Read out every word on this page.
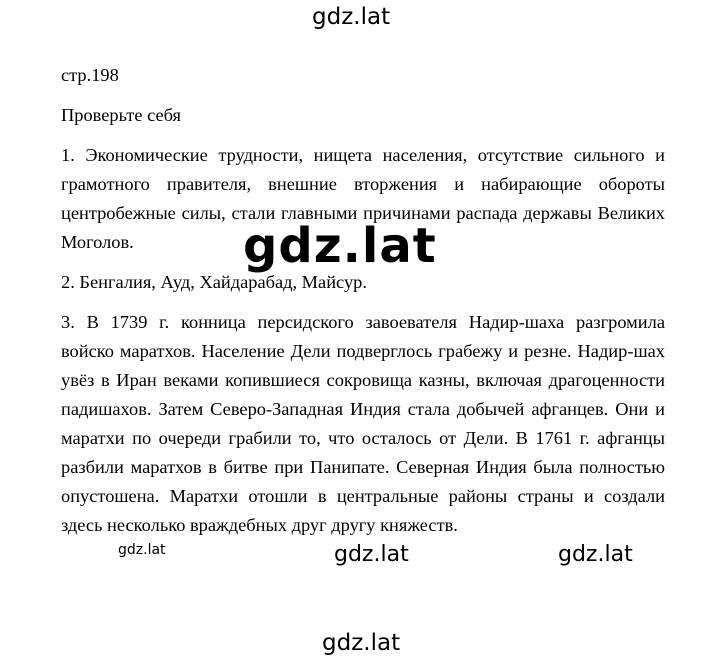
gdz.lat

стр.198

Проверьте себя

1. Экономические трудности, нищета населения, отсутствие сильного и грамотного правителя, внешние вторжения и набирающие обороты центробежные силы, стали главными причинами распада державы Великих Моголов.

2. Бенгалия, Ауд, Хайдарабад, Майсур.

3. В 1739 г. конница персидского завоевателя Надир-шаха разгромила войско маратхов. Население Дели подверглось грабежу и резне. Надир-шах увёз в Иран веками копившиеся сокровища казны, включая драгоценности падишахов. Затем Северо-Западная Индия стала добычей афганцев. Они и маратхи по очереди грабили то, что осталось от Дели. В 1761 г. афганцы разбили маратхов в битве при Панипате. Северная Индия была полностью опустошена. Маратхи отошли в центральные районы страны и создали здесь несколько враждебных друг другу княжеств.

gdz.lat
gdz.lat	gdz.lat	gdz.lat
gdz.lat
